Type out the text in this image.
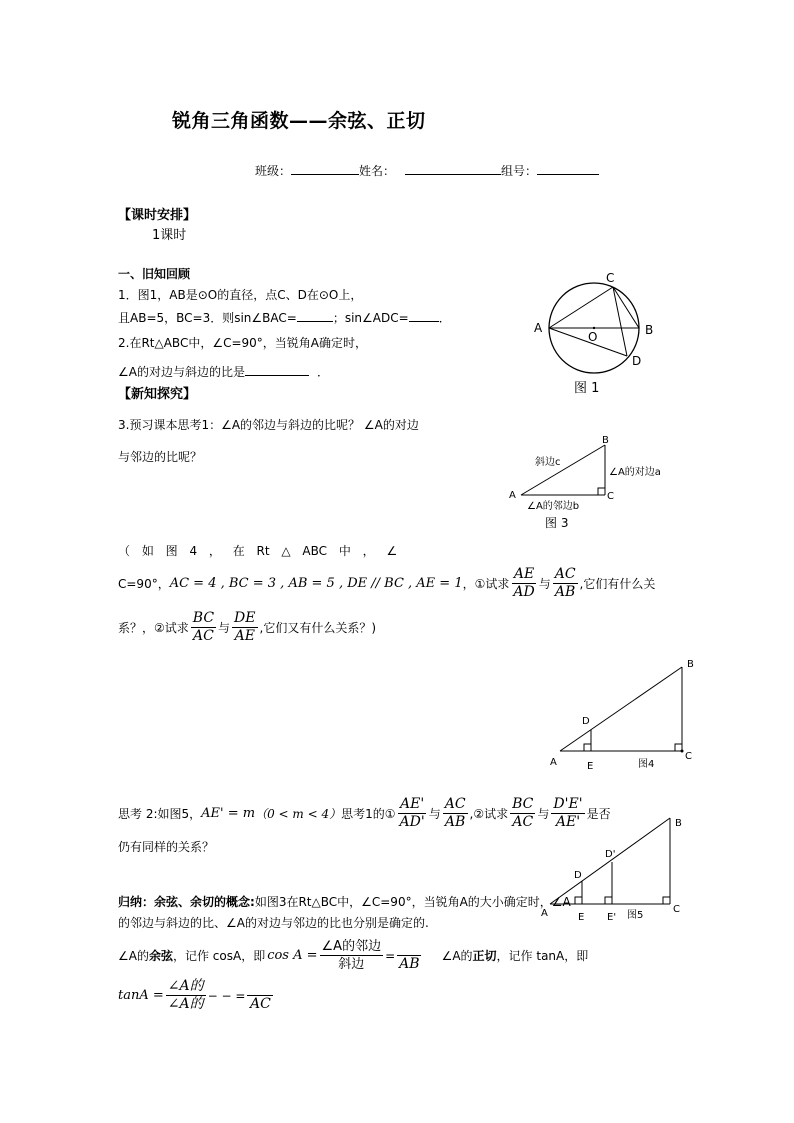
锐角三角函数——余弦、正切
班级：	姓名：	组号：
【课时安排】
1课时
一、旧知回顾
1．图1，AB是⊙O的直径，点C、D在⊙O上，
且AB=5，BC=3．则sin∠BAC=	；sin∠ADC=	．
2.在Rt△ABC中，∠C=90°，当锐角A确定时，
∠A的对边与斜边的比是	．
C
A	B
D
O
图 1
【新知探究】
3.预习课本思考1：∠A的邻边与斜边的比呢？ ∠A的对边
与邻边的比呢？
A
B
C
斜边c
∠A的对边a
∠A的邻边b
图 3
（ 如 图 4 ， 在 Rt △ ABC 中 ， ∠
C=90°， AC = 4 , BC = 3 , AB = 5 , DE // BC , AE = 1 ，①试求 $\frac{AE}{AD}$ 与 $\frac{AC}{AB}$ ,它们有什么关
系？，②试求 $\frac{BC}{AC}$ 与 $\frac{DE}{AE}$ ,它们又有什么关系？)
A	E
D
B
C
图4
思考 2:如图5， AE' = m （0 < m < 4） 思考1的① $\frac{AE'}{AD'}$ 与 $\frac{AC}{AB}$ ,②试求 $\frac{BC}{AC}$ 与 $\frac{D'E'}{AE'}$ 是否
仍有同样的关系？
A	E E'
D
D'
B
C
图5
归纳：余弦、余切的概念:如图3在Rt△BC中，∠C=90°，当锐角A的大小确定时，∠A
的邻边与斜边的比、∠A的对边与邻边的比也分别是确定的.
∠A的 余弦 ，记作 cosA，即 $\cos A = \frac{\text{∠A的邻边}}{\text{斜边}}$ =
AB ∠A的 正切 ，记作 tanA，即
$\tan A = \frac{\text{∠A的}}{\text{∠A的}}$ − − =
AC
